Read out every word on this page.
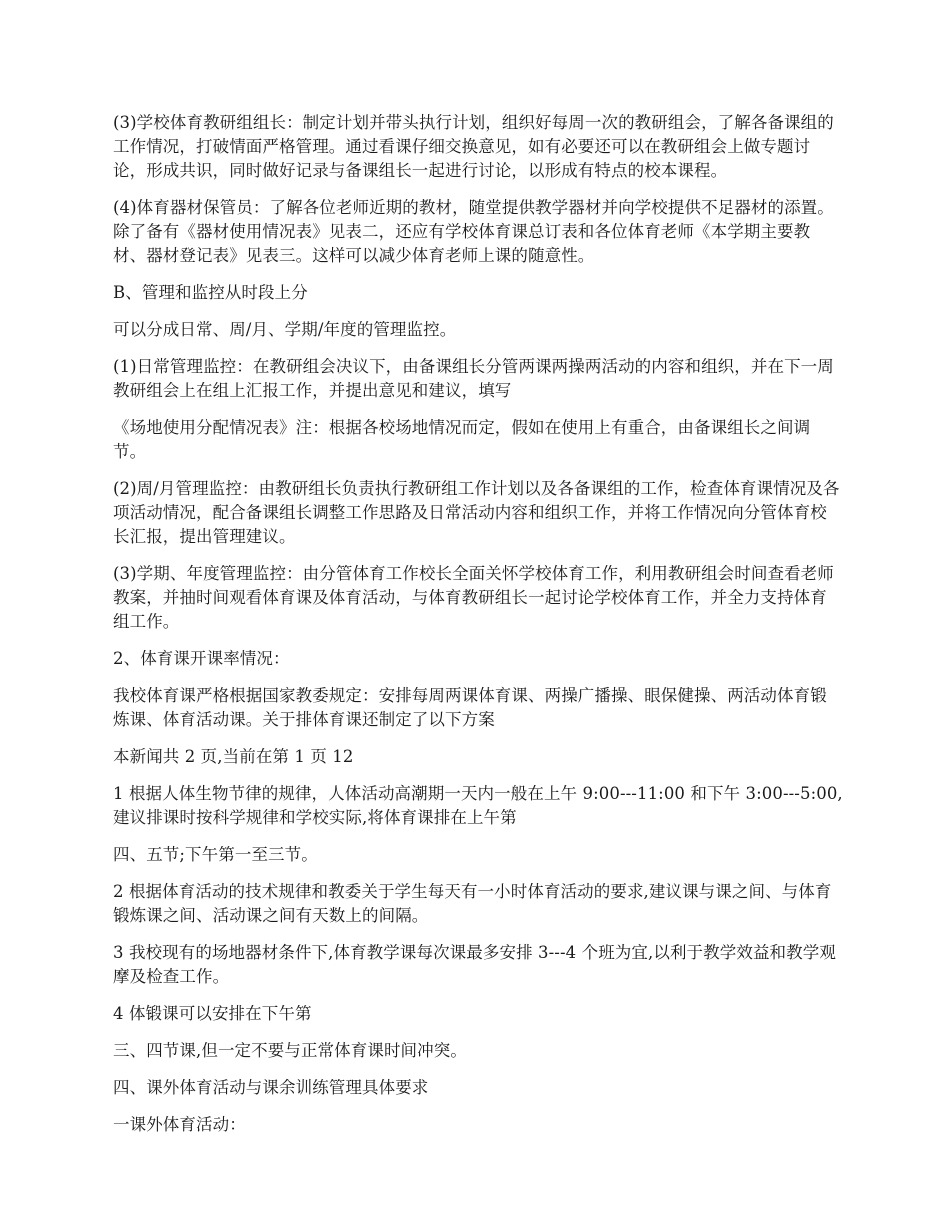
(3)学校体育教研组组长：制定计划并带头执行计划，组织好每周一次的教研组会，了解各备课组的工作情况，打破情面严格管理。通过看课仔细交换意见，如有必要还可以在教研组会上做专题讨论，形成共识，同时做好记录与备课组长一起进行讨论，以形成有特点的校本课程。

(4)体育器材保管员：了解各位老师近期的教材，随堂提供教学器材并向学校提供不足器材的添置。除了备有《器材使用情况表》见表二，还应有学校体育课总订表和各位体育老师《本学期主要教材、器材登记表》见表三。这样可以减少体育老师上课的随意性。

B、管理和监控从时段上分

可以分成日常、周/月、学期/年度的管理监控。

(1)日常管理监控：在教研组会决议下，由备课组长分管两课两操两活动的内容和组织，并在下一周教研组会上在组上汇报工作，并提出意见和建议，填写

《场地使用分配情况表》注：根据各校场地情况而定，假如在使用上有重合，由备课组长之间调节。

(2)周/月管理监控：由教研组长负责执行教研组工作计划以及各备课组的工作，检查体育课情况及各项活动情况，配合备课组长调整工作思路及日常活动内容和组织工作，并将工作情况向分管体育校长汇报，提出管理建议。

(3)学期、年度管理监控：由分管体育工作校长全面关怀学校体育工作，利用教研组会时间查看老师教案，并抽时间观看体育课及体育活动，与体育教研组长一起讨论学校体育工作，并全力支持体育组工作。

2、体育课开课率情况：

我校体育课严格根据国家教委规定：安排每周两课体育课、两操广播操、眼保健操、两活动体育锻炼课、体育活动课。关于排体育课还制定了以下方案

本新闻共 2 页,当前在第 1 页 12

1 根据人体生物节律的规律，人体活动高潮期一天内一般在上午 9:00---11:00 和下午 3:00---5:00,建议排课时按科学规律和学校实际,将体育课排在上午第

四、五节;下午第一至三节。

2 根据体育活动的技术规律和教委关于学生每天有一小时体育活动的要求,建议课与课之间、与体育锻炼课之间、活动课之间有天数上的间隔。

3 我校现有的场地器材条件下,体育教学课每次课最多安排 3---4 个班为宜,以利于教学效益和教学观摩及检查工作。

4 体锻课可以安排在下午第

三、四节课,但一定不要与正常体育课时间冲突。

四、课外体育活动与课余训练管理具体要求

一课外体育活动：
